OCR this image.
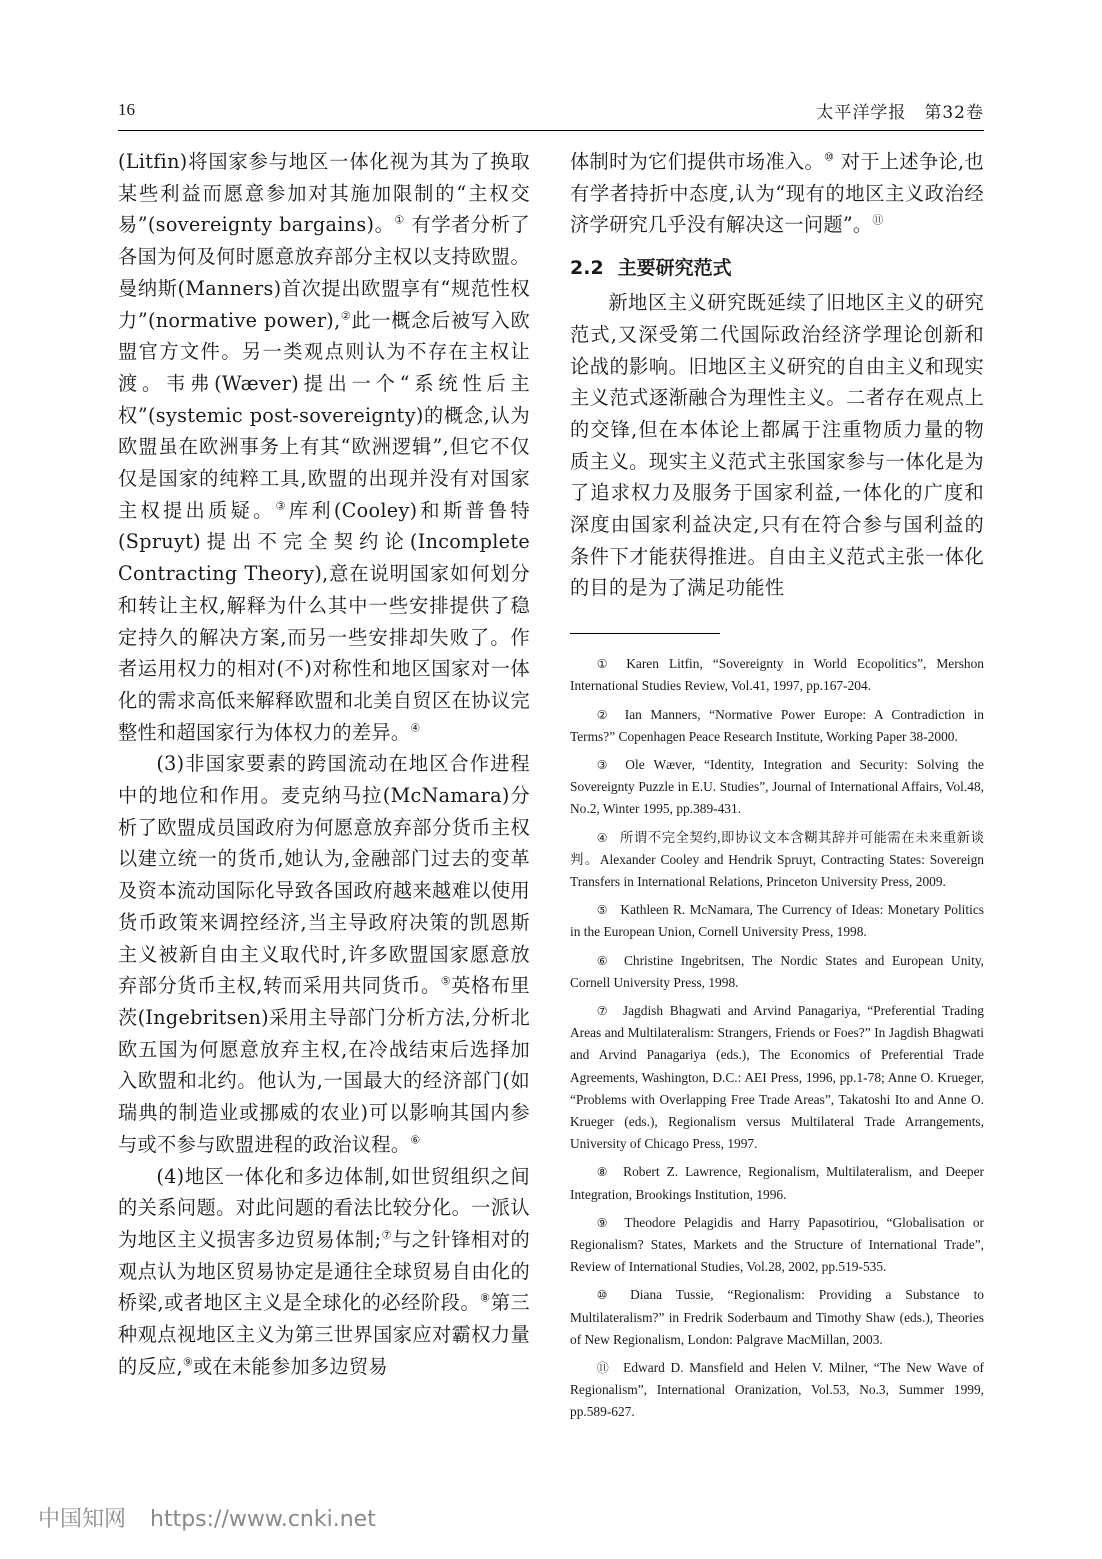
16	太平洋学报　第32卷

(Litfin)将国家参与地区一体化视为其为了换取某些利益而愿意参加对其施加限制的“主权交易”(sovereignty bargains)。① 有学者分析了各国为何及何时愿意放弃部分主权以支持欧盟。曼纳斯(Manners)首次提出欧盟享有“规范性权力”(normative power),②此一概念后被写入欧盟官方文件。另一类观点则认为不存在主权让渡。韦弗(Wæver)提出一个“系统性后主权”(systemic post-sovereignty)的概念,认为欧盟虽在欧洲事务上有其“欧洲逻辑”,但它不仅仅是国家的纯粹工具,欧盟的出现并没有对国家主权提出质疑。③库利(Cooley)和斯普鲁特(Spruyt)提出不完全契约论(Incomplete Contracting Theory),意在说明国家如何划分和转让主权,解释为什么其中一些安排提供了稳定持久的解决方案,而另一些安排却失败了。作者运用权力的相对(不)对称性和地区国家对一体化的需求高低来解释欧盟和北美自贸区在协议完整性和超国家行为体权力的差异。④

(3)非国家要素的跨国流动在地区合作进程中的地位和作用。麦克纳马拉(McNamara)分析了欧盟成员国政府为何愿意放弃部分货币主权以建立统一的货币,她认为,金融部门过去的变革及资本流动国际化导致各国政府越来越难以使用货币政策来调控经济,当主导政府决策的凯恩斯主义被新自由主义取代时,许多欧盟国家愿意放弃部分货币主权,转而采用共同货币。⑤英格布里茨(Ingebritsen)采用主导部门分析方法,分析北欧五国为何愿意放弃主权,在冷战结束后选择加入欧盟和北约。他认为,一国最大的经济部门(如瑞典的制造业或挪威的农业)可以影响其国内参与或不参与欧盟进程的政治议程。⑥

(4)地区一体化和多边体制,如世贸组织之间的关系问题。对此问题的看法比较分化。一派认为地区主义损害多边贸易体制;⑦与之针锋相对的观点认为地区贸易协定是通往全球贸易自由化的桥梁,或者地区主义是全球化的必经阶段。⑧第三种观点视地区主义为第三世界国家应对霸权力量的反应,⑨或在未能参加多边贸易

体制时为它们提供市场准入。⑩ 对于上述争论,也有学者持折中态度,认为“现有的地区主义政治经济学研究几乎没有解决这一问题”。⑪

2.2 主要研究范式

新地区主义研究既延续了旧地区主义的研究范式,又深受第二代国际政治经济学理论创新和论战的影响。旧地区主义研究的自由主义和现实主义范式逐渐融合为理性主义。二者存在观点上的交锋,但在本体论上都属于注重物质力量的物质主义。现实主义范式主张国家参与一体化是为了追求权力及服务于国家利益,一体化的广度和深度由国家利益决定,只有在符合参与国利益的条件下才能获得推进。自由主义范式主张一体化的目的是为了满足功能性

① Karen Litfin, “Sovereignty in World Ecopolitics”, Mershon International Studies Review, Vol.41, 1997, pp.167-204.

② Ian Manners, “Normative Power Europe: A Contradiction in Terms?” Copenhagen Peace Research Institute, Working Paper 38-2000.

③ Ole Wæver, “Identity, Integration and Security: Solving the Sovereignty Puzzle in E.U. Studies”, Journal of International Affairs, Vol.48, No.2, Winter 1995, pp.389-431.

④ 所谓不完全契约,即协议文本含糊其辞并可能需在未来重新谈判。Alexander Cooley and Hendrik Spruyt, Contracting States: Sovereign Transfers in International Relations, Princeton University Press, 2009.

⑤ Kathleen R. McNamara, The Currency of Ideas: Monetary Politics in the European Union, Cornell University Press, 1998.

⑥ Christine Ingebritsen, The Nordic States and European Unity, Cornell University Press, 1998.

⑦ Jagdish Bhagwati and Arvind Panagariya, “Preferential Trading Areas and Multilateralism: Strangers, Friends or Foes?” In Jagdish Bhagwati and Arvind Panagariya (eds.), The Economics of Preferential Trade Agreements, Washington, D.C.: AEI Press, 1996, pp.1-78; Anne O. Krueger, “Problems with Overlapping Free Trade Areas”, Takatoshi Ito and Anne O. Krueger (eds.), Regionalism versus Multilateral Trade Arrangements, University of Chicago Press, 1997.

⑧ Robert Z. Lawrence, Regionalism, Multilateralism, and Deeper Integration, Brookings Institution, 1996.

⑨ Theodore Pelagidis and Harry Papasotiriou, “Globalisation or Regionalism? States, Markets and the Structure of International Trade”, Review of International Studies, Vol.28, 2002, pp.519-535.

⑩ Diana Tussie, “Regionalism: Providing a Substance to Multilateralism?” in Fredrik Soderbaum and Timothy Shaw (eds.), Theories of New Regionalism, London: Palgrave MacMillan, 2003.

⑪ Edward D. Mansfield and Helen V. Milner, “The New Wave of Regionalism”, International Oranization, Vol.53, No.3, Summer 1999, pp.589-627.

中国知网 https://www.cnki.net
